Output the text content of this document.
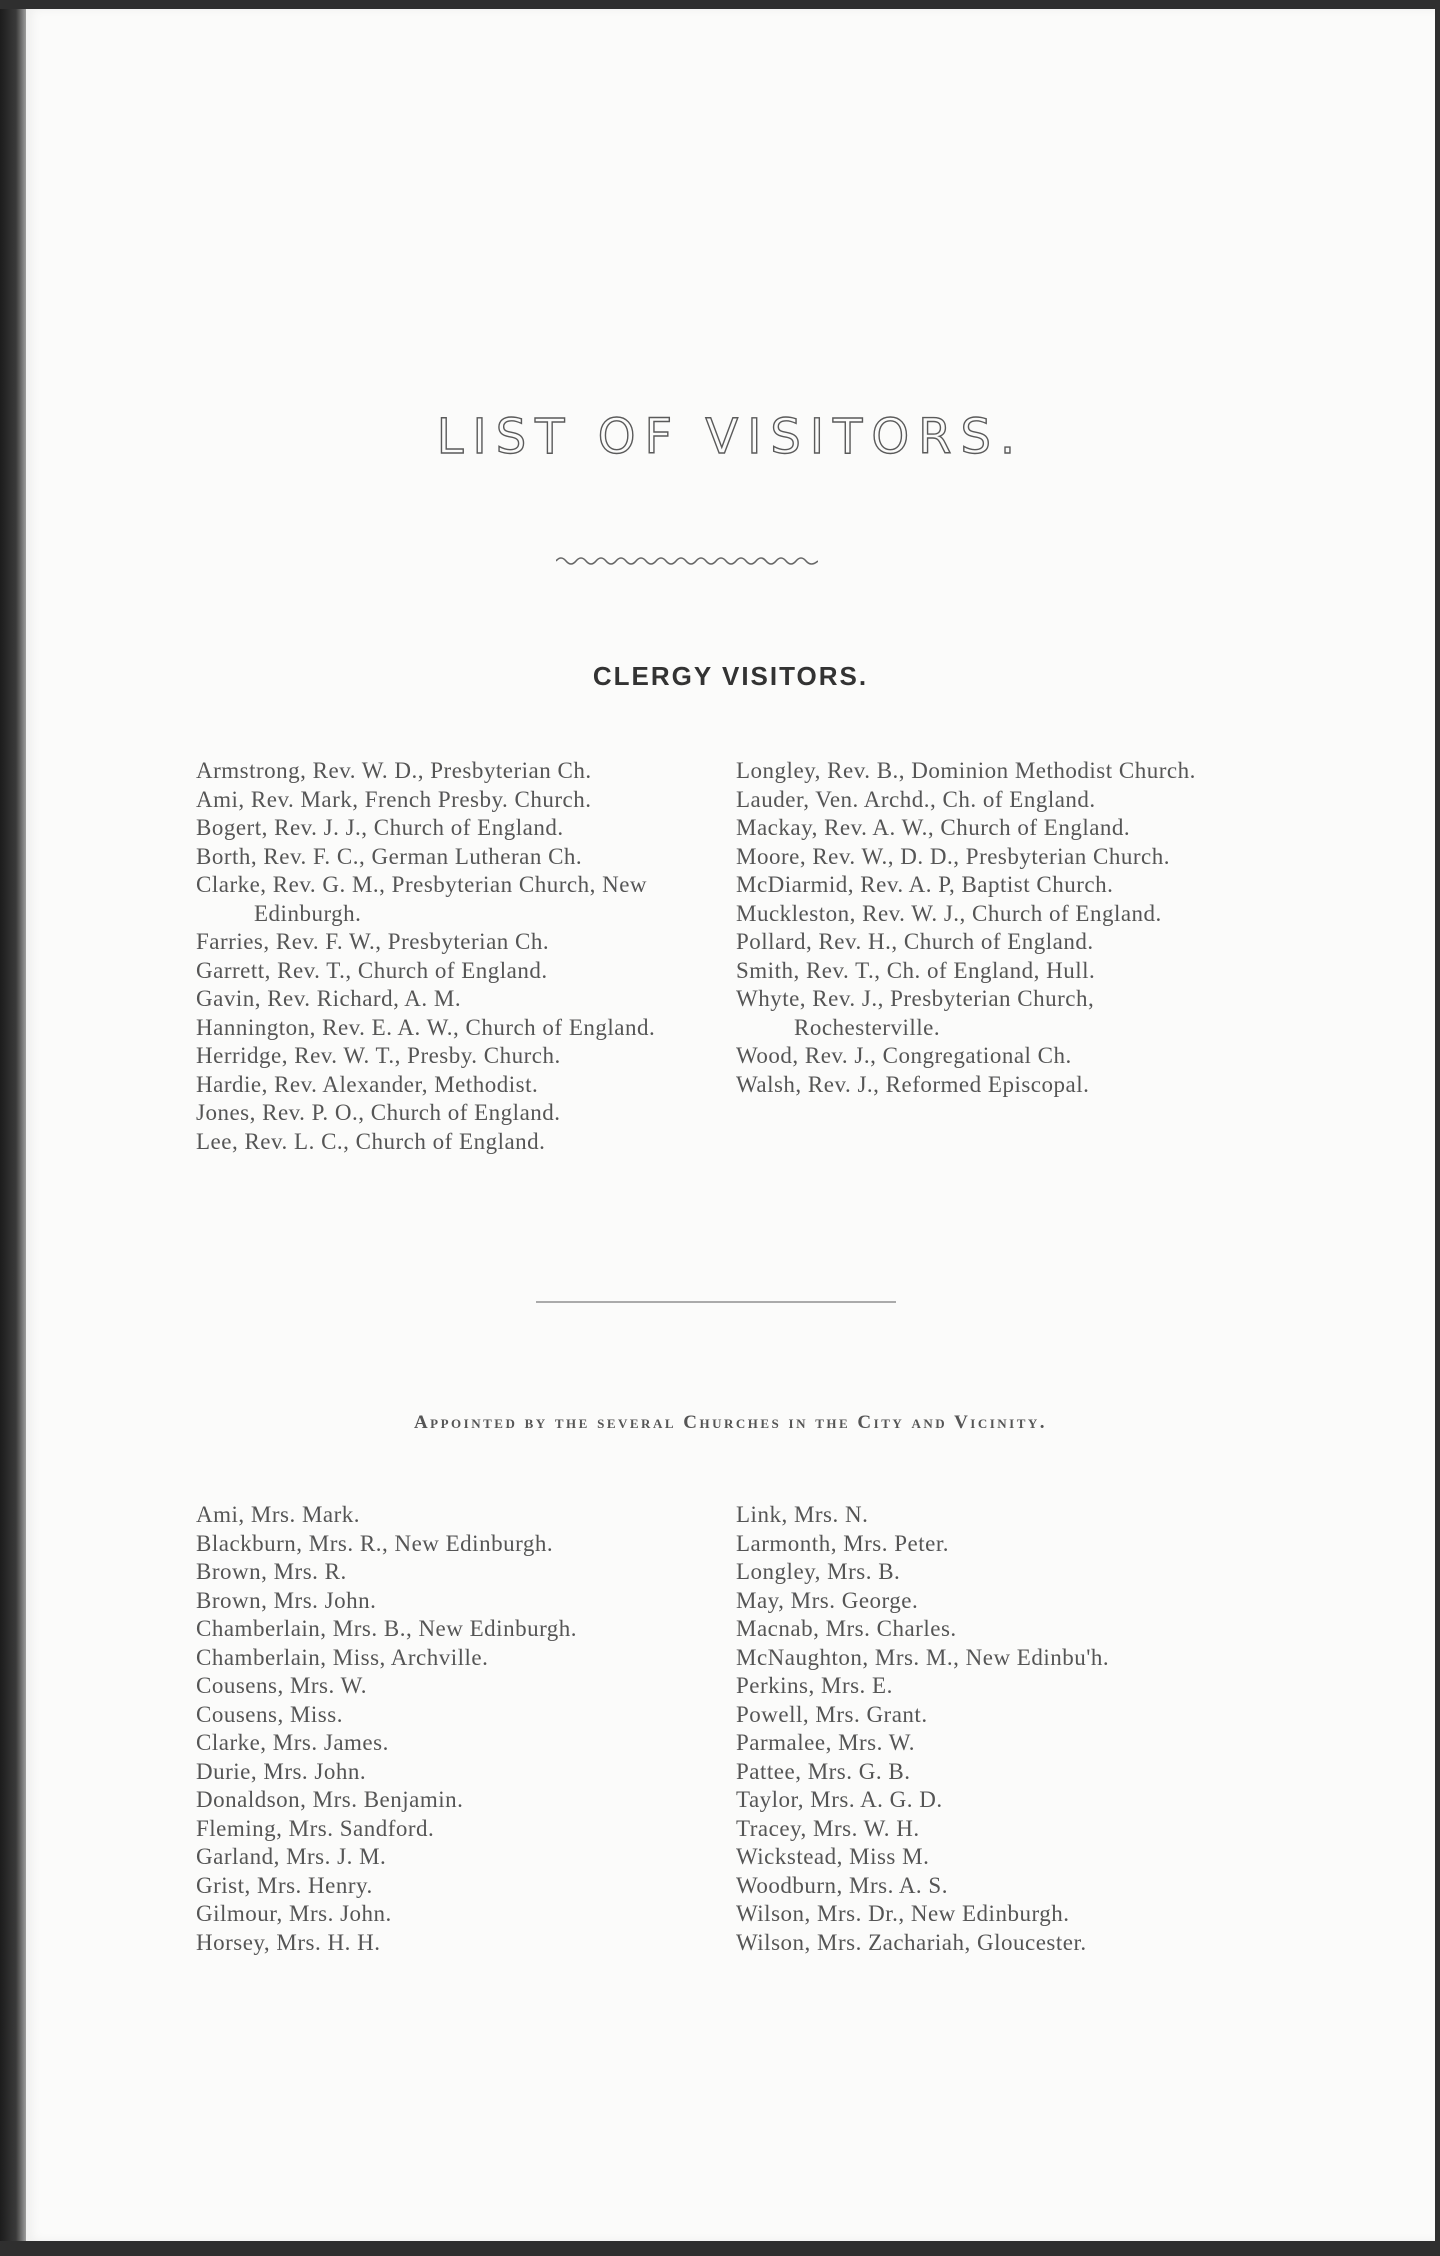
LIST OF VISITORS.
CLERGY VISITORS.
Armstrong, Rev. W. D., Presbyterian Ch.
Ami, Rev. Mark, French Presby. Church.
Bogert, Rev. J. J., Church of England.
Borth, Rev. F. C., German Lutheran Ch.
Clarke, Rev. G. M., Presbyterian Church, New Edinburgh.
Farries, Rev. F. W., Presbyterian Ch.
Garrett, Rev. T., Church of England.
Gavin, Rev. Richard, A. M.
Hannington, Rev. E. A. W., Church of England.
Herridge, Rev. W. T., Presby. Church.
Hardie, Rev. Alexander, Methodist.
Jones, Rev. P. O., Church of England.
Lee, Rev. L. C., Church of England.
Longley, Rev. B., Dominion Methodist Church.
Lauder, Ven. Archd., Ch. of England.
Mackay, Rev. A. W., Church of England.
Moore, Rev. W., D. D., Presbyterian Church.
McDiarmid, Rev. A. P, Baptist Church.
Muckleston, Rev. W. J., Church of England.
Pollard, Rev. H., Church of England.
Smith, Rev. T., Ch. of England, Hull.
Whyte, Rev. J., Presbyterian Church, Rochesterville.
Wood, Rev. J., Congregational Ch.
Walsh, Rev. J., Reformed Episcopal.
Appointed by the several Churches in the City and Vicinity.
Ami, Mrs. Mark.
Blackburn, Mrs. R., New Edinburgh.
Brown, Mrs. R.
Brown, Mrs. John.
Chamberlain, Mrs. B., New Edinburgh.
Chamberlain, Miss, Archville.
Cousens, Mrs. W.
Cousens, Miss.
Clarke, Mrs. James.
Durie, Mrs. John.
Donaldson, Mrs. Benjamin.
Fleming, Mrs. Sandford.
Garland, Mrs. J. M.
Grist, Mrs. Henry.
Gilmour, Mrs. John.
Horsey, Mrs. H. H.
Link, Mrs. N.
Larmonth, Mrs. Peter.
Longley, Mrs. B.
May, Mrs. George.
Macnab, Mrs. Charles.
McNaughton, Mrs. M., New Edinbu'h.
Perkins, Mrs. E.
Powell, Mrs. Grant.
Parmalee, Mrs. W.
Pattee, Mrs. G. B.
Taylor, Mrs. A. G. D.
Tracey, Mrs. W. H.
Wickstead, Miss M.
Woodburn, Mrs. A. S.
Wilson, Mrs. Dr., New Edinburgh.
Wilson, Mrs. Zachariah, Gloucester.
